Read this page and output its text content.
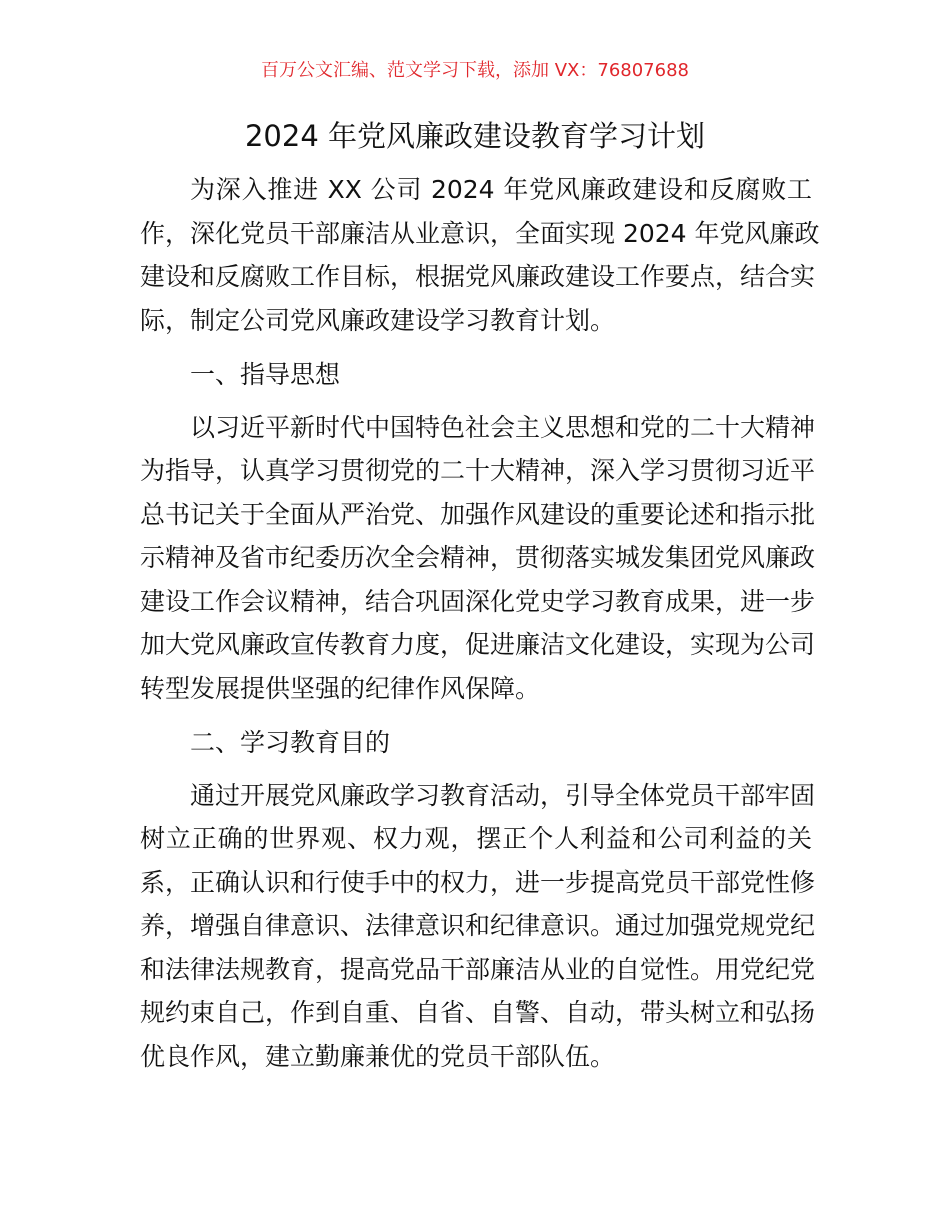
百万公文汇编、范文学习下载，添加 VX：76807688
2024 年党风廉政建设教育学习计划
为深入推进 XX 公司 2024 年党风廉政建设和反腐败工
作，深化党员干部廉洁从业意识，全面实现 2024 年党风廉政
建设和反腐败工作目标，根据党风廉政建设工作要点，结合实
际，制定公司党风廉政建设学习教育计划。
一、指导思想
以习近平新时代中国特色社会主义思想和党的二十大精神
为指导，认真学习贯彻党的二十大精神，深入学习贯彻习近平
总书记关于全面从严治党、加强作风建设的重要论述和指示批
示精神及省市纪委历次全会精神，贯彻落实城发集团党风廉政
建设工作会议精神，结合巩固深化党史学习教育成果，进一步
加大党风廉政宣传教育力度，促进廉洁文化建设，实现为公司
转型发展提供坚强的纪律作风保障。
二、学习教育目的
通过开展党风廉政学习教育活动，引导全体党员干部牢固
树立正确的世界观、权力观，摆正个人利益和公司利益的关
系，正确认识和行使手中的权力，进一步提高党员干部党性修
养，增强自律意识、法律意识和纪律意识。通过加强党规党纪
和法律法规教育，提高党品干部廉洁从业的自觉性。用党纪党
规约束自己，作到自重、自省、自警、自动，带头树立和弘扬
优良作风，建立勤廉兼优的党员干部队伍。
